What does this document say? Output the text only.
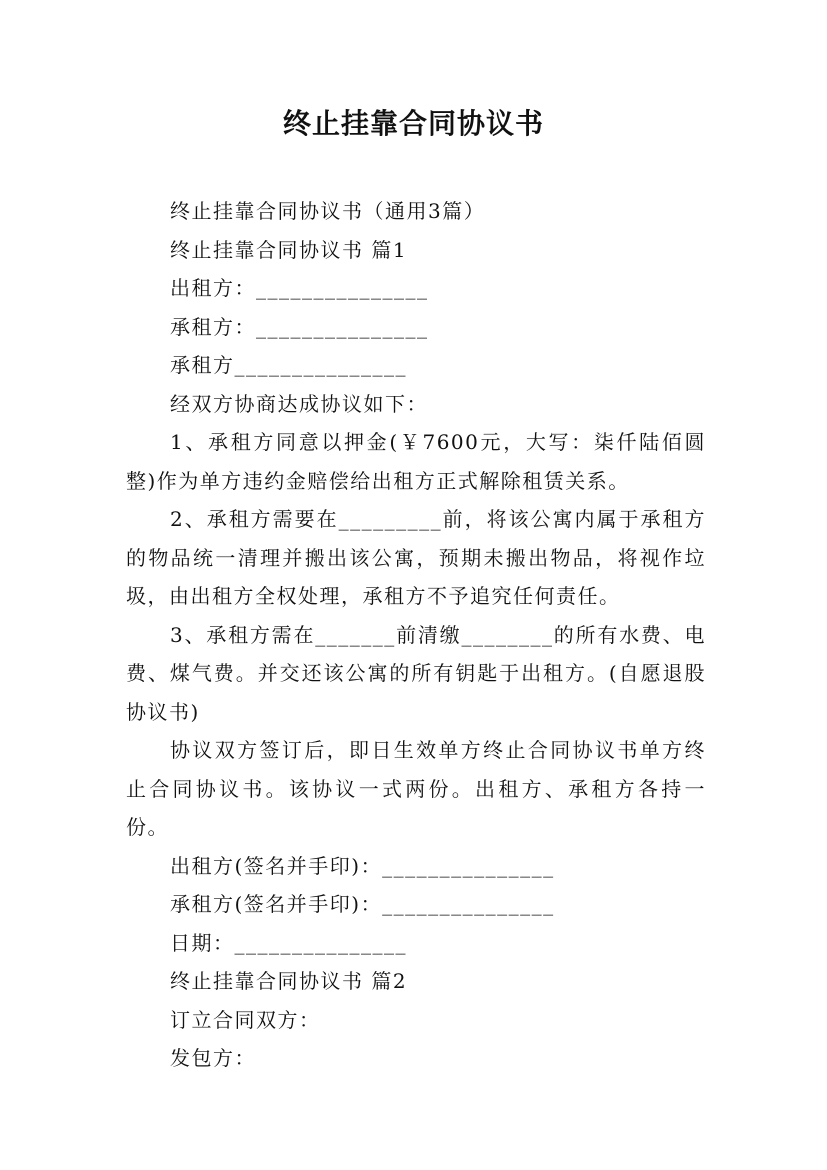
终止挂靠合同协议书

终止挂靠合同协议书（通用3篇）

终止挂靠合同协议书 篇1

出租方：_______________

承租方：_______________

承租方_______________

经双方协商达成协议如下：

1、承租方同意以押金(￥7600元，大写：柒仟陆佰圆整)作为单方违约金赔偿给出租方正式解除租赁关系。

2、承租方需要在_________前，将该公寓内属于承租方的物品统一清理并搬出该公寓，预期未搬出物品，将视作垃圾，由出租方全权处理，承租方不予追究任何责任。

3、承租方需在_______前清缴________的所有水费、电费、煤气费。并交还该公寓的所有钥匙于出租方。(自愿退股协议书)

协议双方签订后，即日生效单方终止合同协议书单方终止合同协议书。该协议一式两份。出租方、承租方各持一份。

出租方(签名并手印)：_______________

承租方(签名并手印)：_______________

日期：_______________

终止挂靠合同协议书 篇2

订立合同双方：

发包方：
